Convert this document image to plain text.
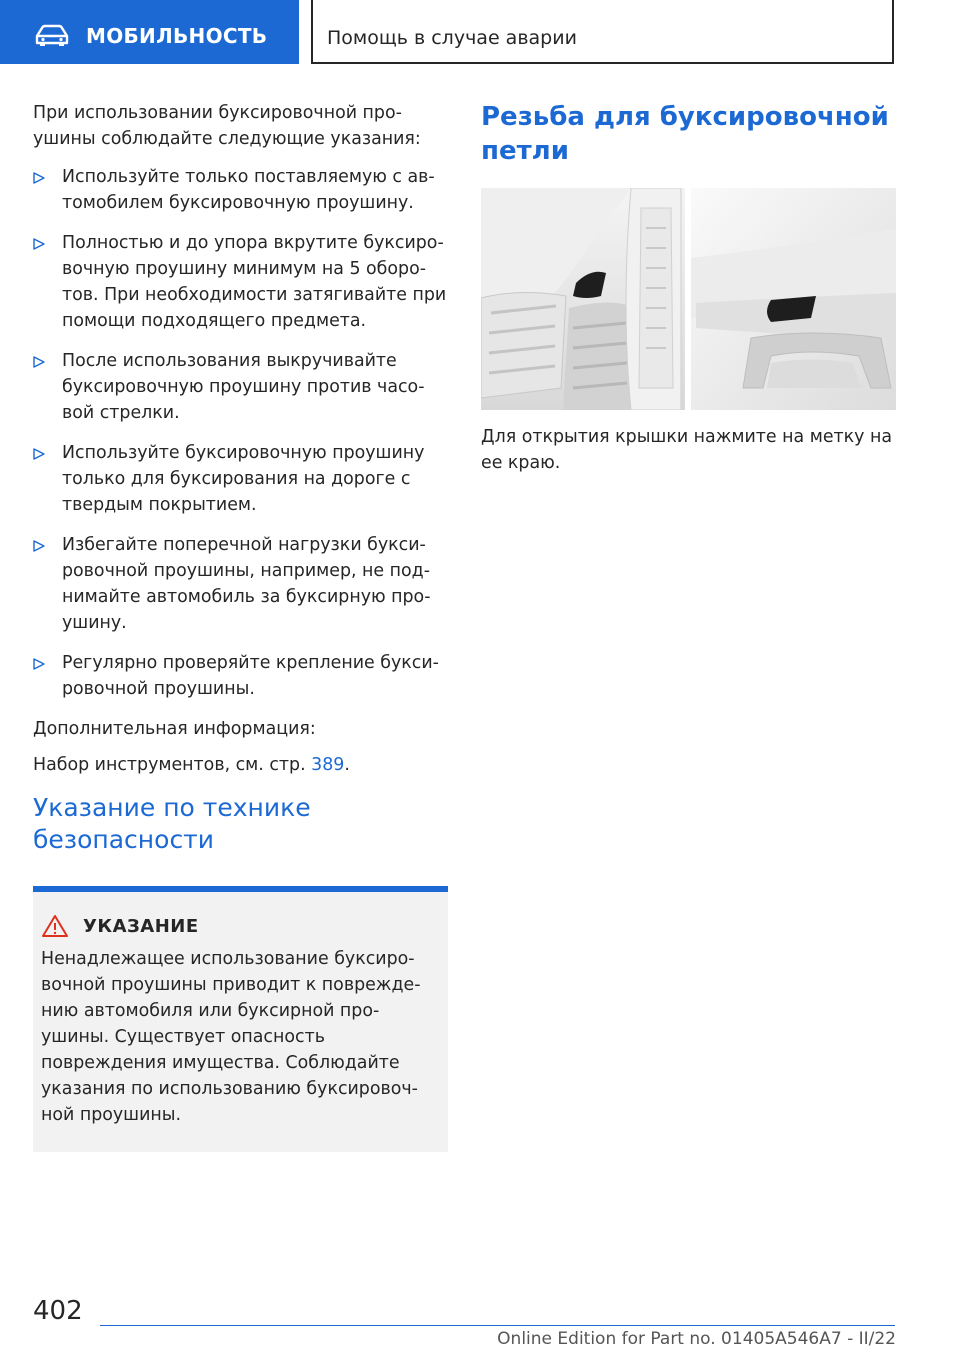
МОБИЛЬНОСТЬ	Помощь в случае аварии

При использовании буксировочной проушины соблюдайте следующие указания:

Используйте только поставляемую с автомобилем буксировочную проушину.
Полностью и до упора вкрутите буксировочную проушину минимум на 5 оборотов. При необходимости затягивайте при помощи подходящего предмета.
После использования выкручивайте буксировочную проушину против часовой стрелки.
Используйте буксировочную проушину только для буксирования на дороге с твердым покрытием.
Избегайте поперечной нагрузки буксировочной проушины, например, не поднимайте автомобиль за буксирную проушину.
Регулярно проверяйте крепление буксировочной проушины.

Дополнительная информация:

Набор инструментов, см. стр. 389.

Указание по технике безопасности
УКАЗАНИЕ

Ненадлежащее использование буксировочной проушины приводит к повреждению автомобиля или буксирной проушины. Существует опасность повреждения имущества. Соблюдайте указания по использованию буксировочной проушины.

Резьба для буксировочной петли

Для открытия крышки нажмите на метку на ее краю.

402
Online Edition for Part no. 01405A546A7 - II/22
